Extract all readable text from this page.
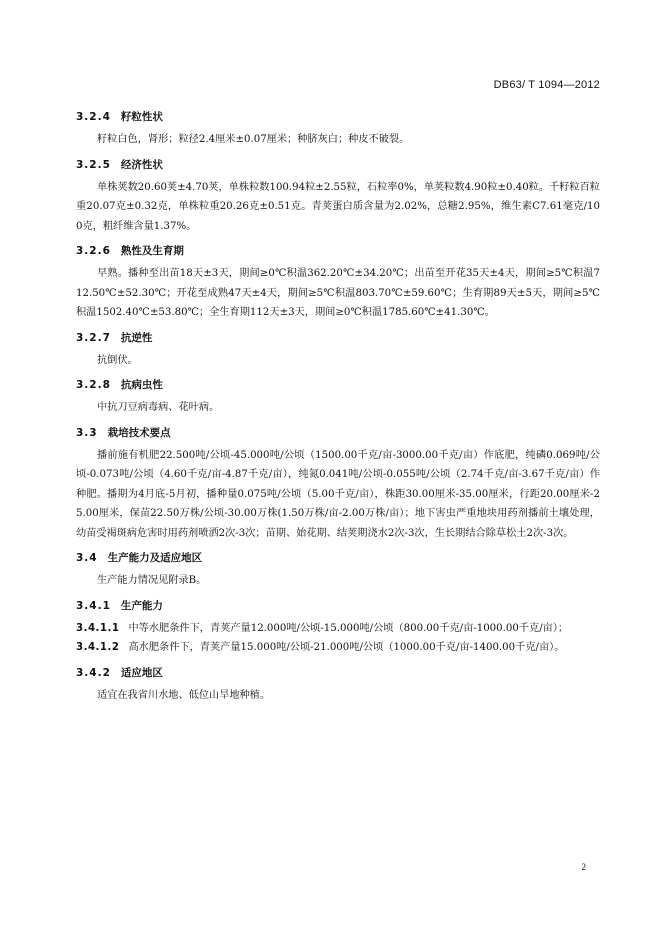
DB63/ T 1094—2012
3.2.4 籽粒性状

籽粒白色，肾形；粒径2.4厘米±0.07厘米；种脐灰白；种皮不破裂。

3.2.5 经济性状

单株荚数20.60荚±4.70荚，单株粒数100.94粒±2.55粒，石粒率0%，单荚粒数4.90粒±0.40粒。千籽粒百粒重20.07克±0.32克，单株粒重20.26克±0.51克。青荚蛋白质含量为2.02%，总糖2.95%，维生素C7.61毫克/100克，粗纤维含量1.37%。

3.2.6 熟性及生育期

早熟。播种至出苗18天±3天，期间≥0℃积温362.20℃±34.20℃；出苗至开花35天±4天，期间≥5℃积温712.50℃±52.30℃；开花至成熟47天±4天，期间≥5℃积温803.70℃±59.60℃；生育期89天±5天，期间≥5℃积温1502.40℃±53.80℃；全生育期112天±3天，期间≥0℃积温1785.60℃±41.30℃。

3.2.7 抗逆性

抗倒伏。

3.2.8 抗病虫性

中抗刀豆病毒病、花叶病。

3.3 栽培技术要点

播前施有机肥22.500吨/公顷-45.000吨/公顷（1500.00千克/亩-3000.00千克/亩）作底肥，纯磷0.069吨/公顷-0.073吨/公顷（4.60千克/亩-4.87千克/亩），纯氮0.041吨/公顷-0.055吨/公顷（2.74千克/亩-3.67千克/亩）作种肥。播期为4月底-5月初，播种量0.075吨/公顷（5.00千克/亩），株距30.00厘米-35.00厘米，行距20.00厘米-25.00厘米，保苗22.50万株/公顷-30.00万株(1.50万株/亩-2.00万株/亩）；地下害虫严重地块用药剂播前土壤处理，幼苗受褐斑病危害时用药剂喷洒2次-3次；苗期、始花期、结荚期浇水2次-3次，生长期结合除草松土2次-3次。

3.4 生产能力及适应地区

生产能力情况见附录B。

3.4.1 生产能力

3.4.1.1 中等水肥条件下，青荚产量12.000吨/公顷-15.000吨/公顷（800.00千克/亩-1000.00千克/亩）；

3.4.1.2 高水肥条件下，青荚产量15.000吨/公顷-21.000吨/公顷（1000.00千克/亩-1400.00千克/亩）。

3.4.2 适应地区

适宜在我省川水地、低位山旱地种植。

2
